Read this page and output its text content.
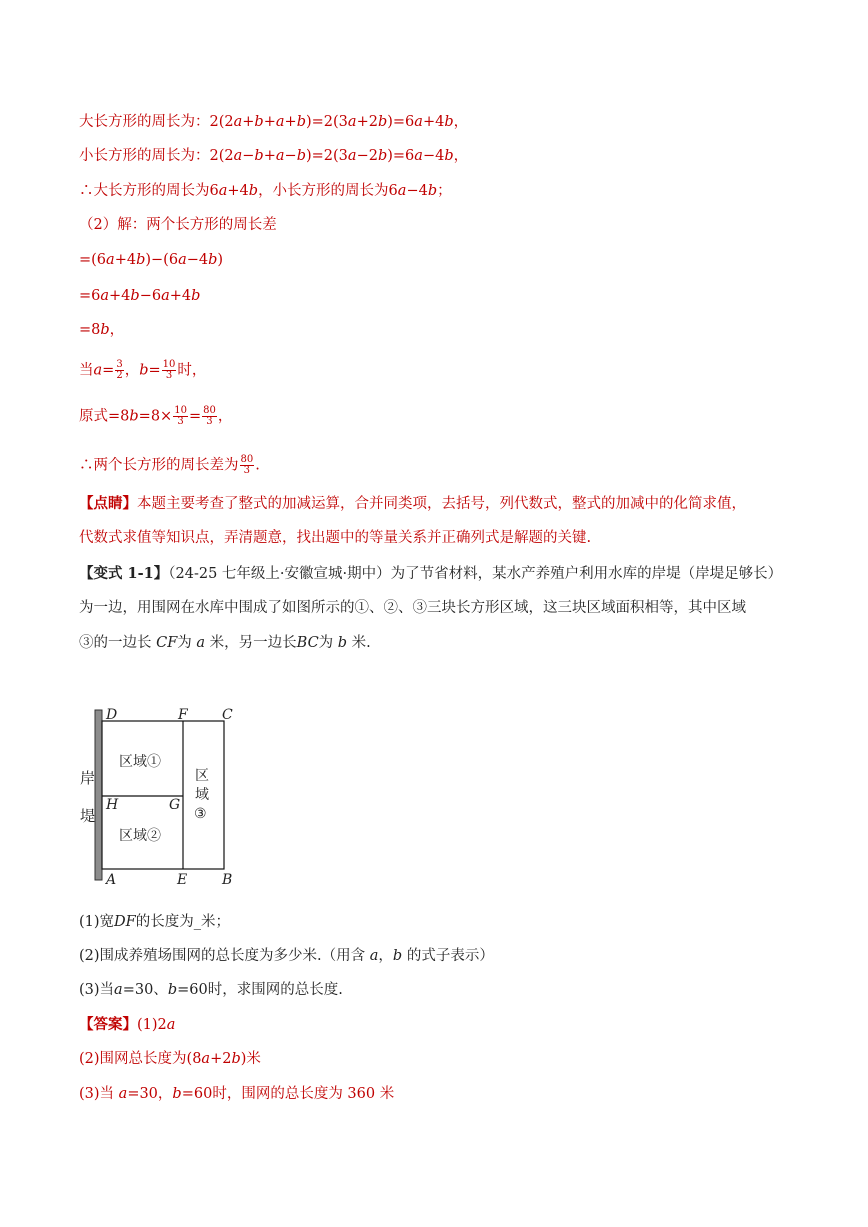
大长方形的周长为：2(2a+b+a+b)=2(3a+2b)=6a+4b，
小长方形的周长为：2(2a−b+a−b)=2(3a−2b)=6a−4b，
∴大长方形的周长为6a+4b，小长方形的周长为6a−4b；
（2）解：两个长方形的周长差
=(6a+4b)−(6a−4b)
=6a+4b−6a+4b
=8b，
当$a= \frac{3}{2}$ ，$b= \frac{10}{3}$ 时，
原式$=8b=8\times \frac{10}{3} = \frac{80}{3}$ ，
∴两个长方形的周长差为 $\frac{80}{3}$ .
【点睛】本题主要考查了整式的加减运算，合并同类项，去括号，列代数式，整式的加减中的化简求值，
代数式求值等知识点，弄清题意，找出题中的等量关系并正确列式是解题的关键.
【变式 1-1】（24-25 七年级上·安徽宣城·期中）为了节省材料，某水产养殖户利用水库的岸堤（岸堤足够长）
为一边，用围网在水库中围成了如图所示的①、②、③三块长方形区域，这三块区域面积相等，其中区域
③的一边长 CF为 a 米，另一边长BC为 b 米.
岸
堤
D	F C
H	G
A	E B
区域①
区域②
区
域
③
(1)宽DF的长度为_米；
(2)围成养殖场围网的总长度为多少米.（用含 a，b 的式子表示）
(3)当a=30、b=60时，求围网的总长度.
【答案】(1)2a
(2)围网总长度为(8a+2b)米
(3)当 a=30，b=60时，围网的总长度为 360 米
